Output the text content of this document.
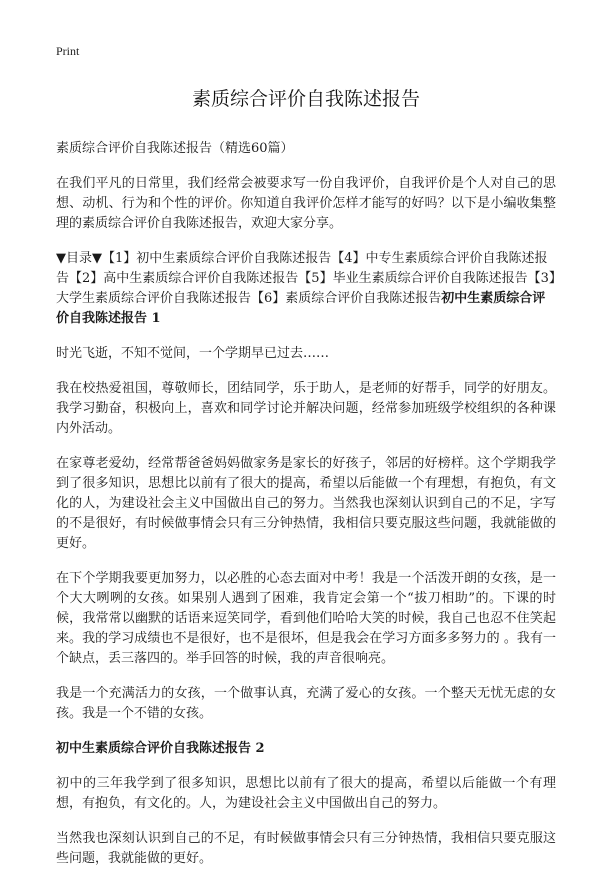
Print
素质综合评价自我陈述报告
素质综合评价自我陈述报告（精选60篇）

在我们平凡的日常里，我们经常会被要求写一份自我评价，自我评价是个人对自己的思想、动机、行为和个性的评价。你知道自我评价怎样才能写的好吗？以下是小编收集整理的素质综合评价自我陈述报告，欢迎大家分享。

▼目录▼【1】初中生素质综合评价自我陈述报告【4】中专生素质综合评价自我陈述报告【2】高中生素质综合评价自我陈述报告【5】毕业生素质综合评价自我陈述报告【3】大学生素质综合评价自我陈述报告【6】素质综合评价自我陈述报告初中生素质综合评价自我陈述报告 1

时光飞逝，不知不觉间，一个学期早已过去……

我在校热爱祖国，尊敬师长，团结同学，乐于助人，是老师的好帮手，同学的好朋友。我学习勤奋，积极向上，喜欢和同学讨论并解决问题，经常参加班级学校组织的各种课内外活动。

在家尊老爱幼，经常帮爸爸妈妈做家务是家长的好孩子，邻居的好榜样。这个学期我学到了很多知识，思想比以前有了很大的提高，希望以后能做一个有理想，有抱负，有文化的人，为建设社会主义中国做出自己的努力。当然我也深刻认识到自己的不足，字写的不是很好，有时候做事情会只有三分钟热情，我相信只要克服这些问题，我就能做的更好。

在下个学期我要更加努力，以必胜的心态去面对中考！我是一个活泼开朗的女孩，是一个大大咧咧的女孩。如果别人遇到了困难，我肯定会第一个“拔刀相助”的。下课的时候，我常常以幽默的话语来逗笑同学，看到他们哈哈大笑的时候，我自己也忍不住笑起来。我的学习成绩也不是很好，也不是很坏，但是我会在学习方面多多努力的 。我有一个缺点，丢三落四的。举手回答的时候，我的声音很响亮。

我是一个充满活力的女孩，一个做事认真，充满了爱心的女孩。一个整天无忧无虑的女孩。我是一个不错的女孩。

初中生素质综合评价自我陈述报告 2

初中的三年我学到了很多知识，思想比以前有了很大的提高，希望以后能做一个有理想，有抱负，有文化的。人，为建设社会主义中国做出自己的努力。

当然我也深刻认识到自己的不足，有时候做事情会只有三分钟热情，我相信只要克服这些问题，我就能做的更好。
